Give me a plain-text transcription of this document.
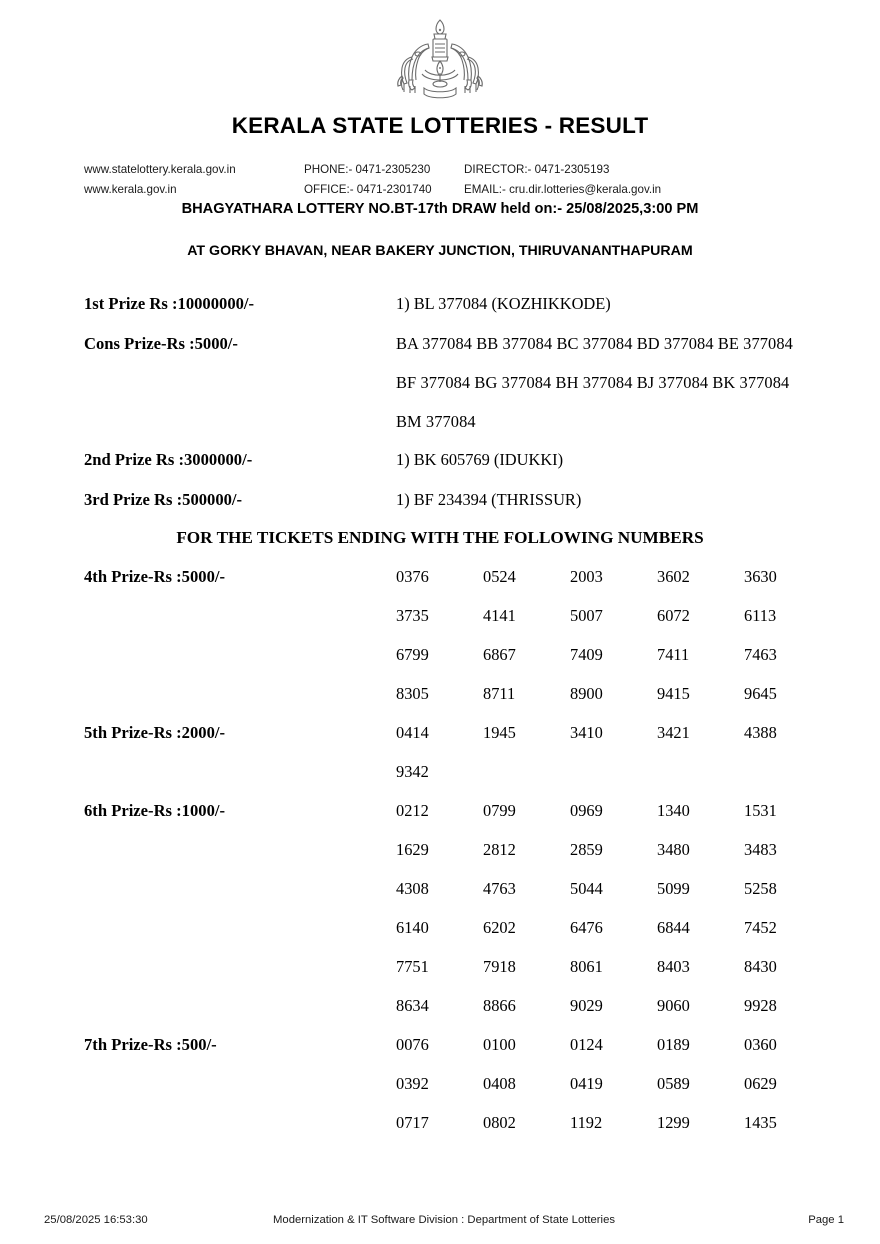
KERALA STATE LOTTERIES - RESULT
www.statelottery.kerala.gov.in	PHONE:- 0471-2305230	DIRECTOR:- 0471-2305193
www.kerala.gov.in	OFFICE:- 0471-2301740	EMAIL:- cru.dir.lotteries@kerala.gov.in
BHAGYATHARA LOTTERY NO.BT-17th DRAW held on:- 25/08/2025,3:00 PM
AT GORKY BHAVAN, NEAR BAKERY JUNCTION, THIRUVANANTHAPURAM
1st Prize Rs :10000000/-	1) BL 377084 (KOZHIKKODE)
Cons Prize-Rs :5000/-	BA 377084 BB 377084 BC 377084 BD 377084 BE 377084
BF 377084 BG 377084 BH 377084 BJ 377084 BK 377084
BM 377084
2nd Prize Rs :3000000/-	1) BK 605769 (IDUKKI)
3rd Prize Rs :500000/-	1) BF 234394 (THRISSUR)
FOR THE TICKETS ENDING WITH THE FOLLOWING NUMBERS
4th Prize-Rs :5000/-	0376	0524	2003	3602	3630
3735	4141	5007	6072	6113
6799	6867	7409	7411	7463
8305	8711	8900	9415	9645
5th Prize-Rs :2000/-	0414	1945	3410	3421	4388
9342
6th Prize-Rs :1000/-	0212	0799	0969	1340	1531
1629	2812	2859	3480	3483
4308	4763	5044	5099	5258
6140	6202	6476	6844	7452
7751	7918	8061	8403	8430
8634	8866	9029	9060	9928
7th Prize-Rs :500/-	0076	0100	0124	0189	0360
0392	0408	0419	0589	0629
0717	0802	1192	1299	1435
25/08/2025 16:53:30	Modernization & IT Software Division : Department of State Lotteries	Page 1
